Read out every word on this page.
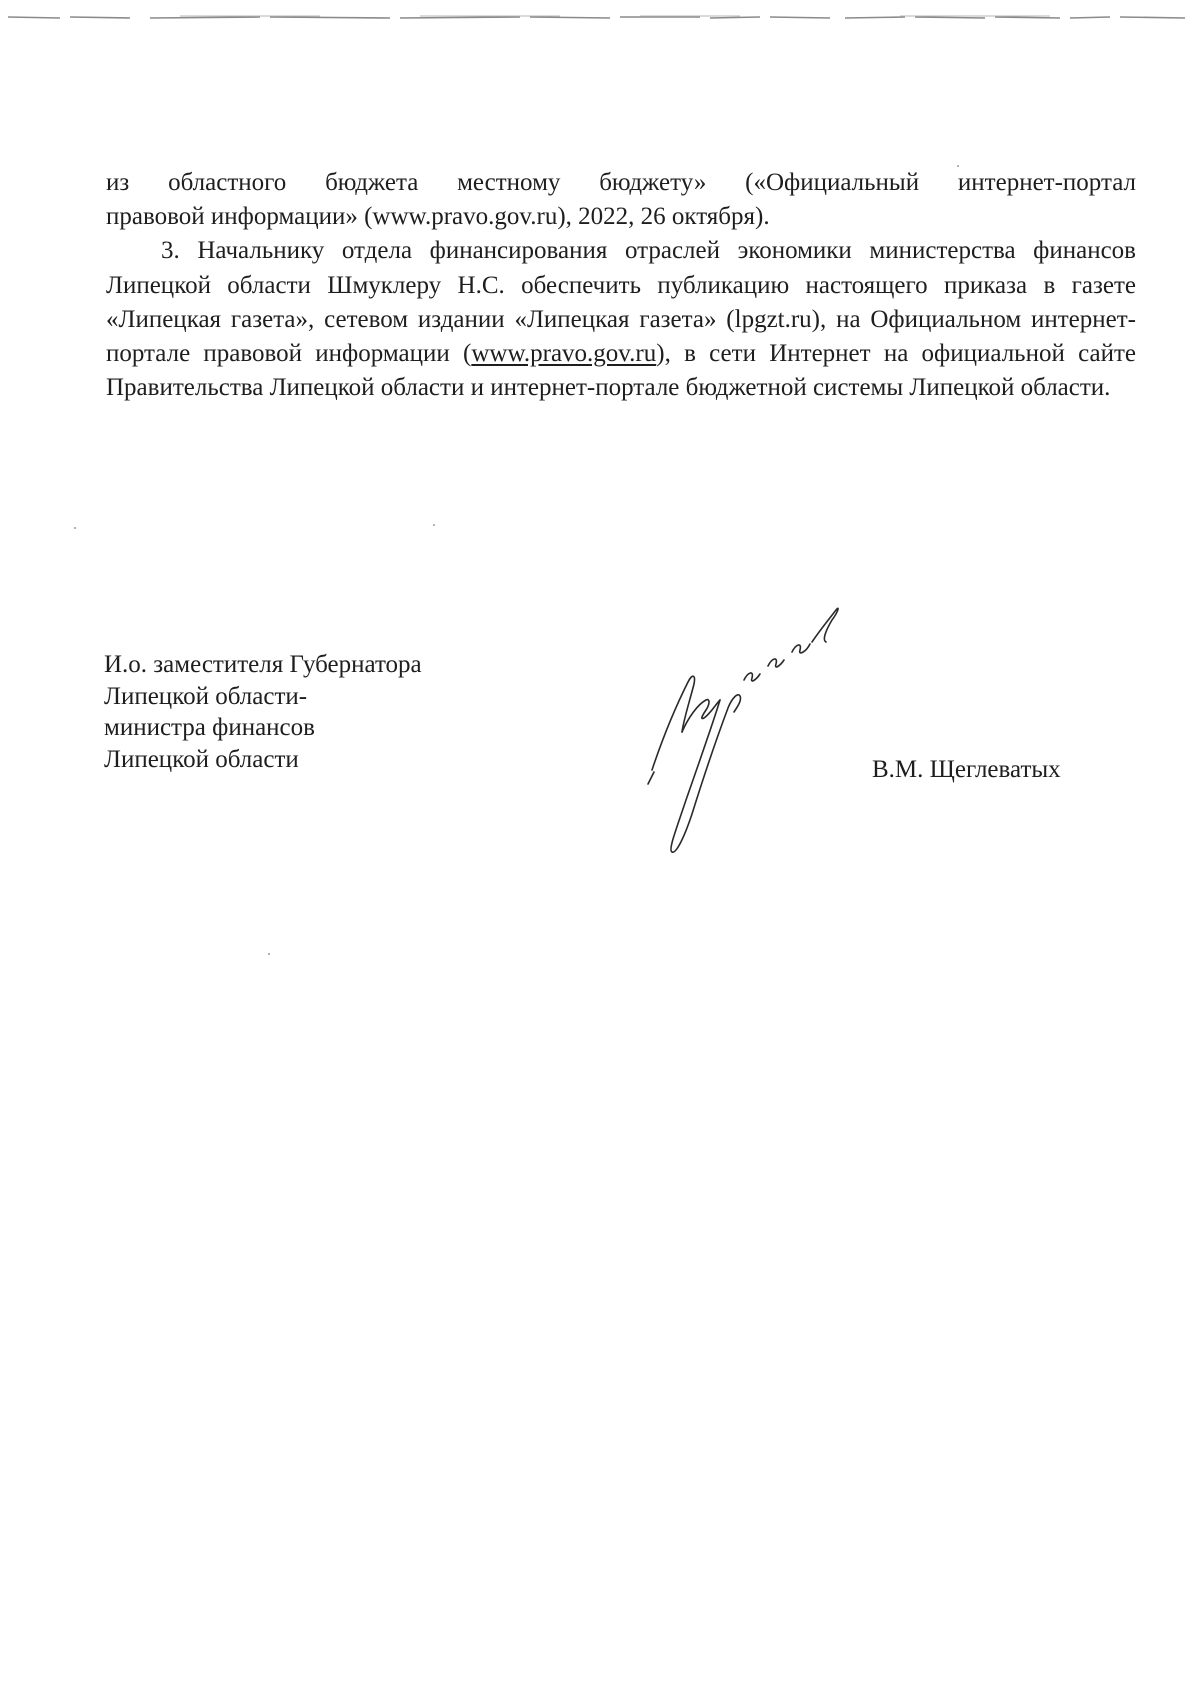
из областного бюджета местному бюджету» («Официальный интернет-портал

правовой информации» (www.pravo.gov.ru), 2022, 26 октября).

3. Начальнику отдела финансирования отраслей экономики министерства финансов Липецкой области Шмуклеру Н.С. обеспечить публикацию настоящего приказа в газете «Липецкая газета», сетевом издании «Липецкая газета» (lpgzt.ru), на Официальном интернет-портале правовой информации (www.pravo.gov.ru), в сети Интернет на официальной сайте Правительства Липецкой области и интернет-портале бюджетной системы Липецкой области.

И.о. заместителя Губернатора
Липецкой области-
министра финансов
Липецкой области	В.М. Щеглеватых
